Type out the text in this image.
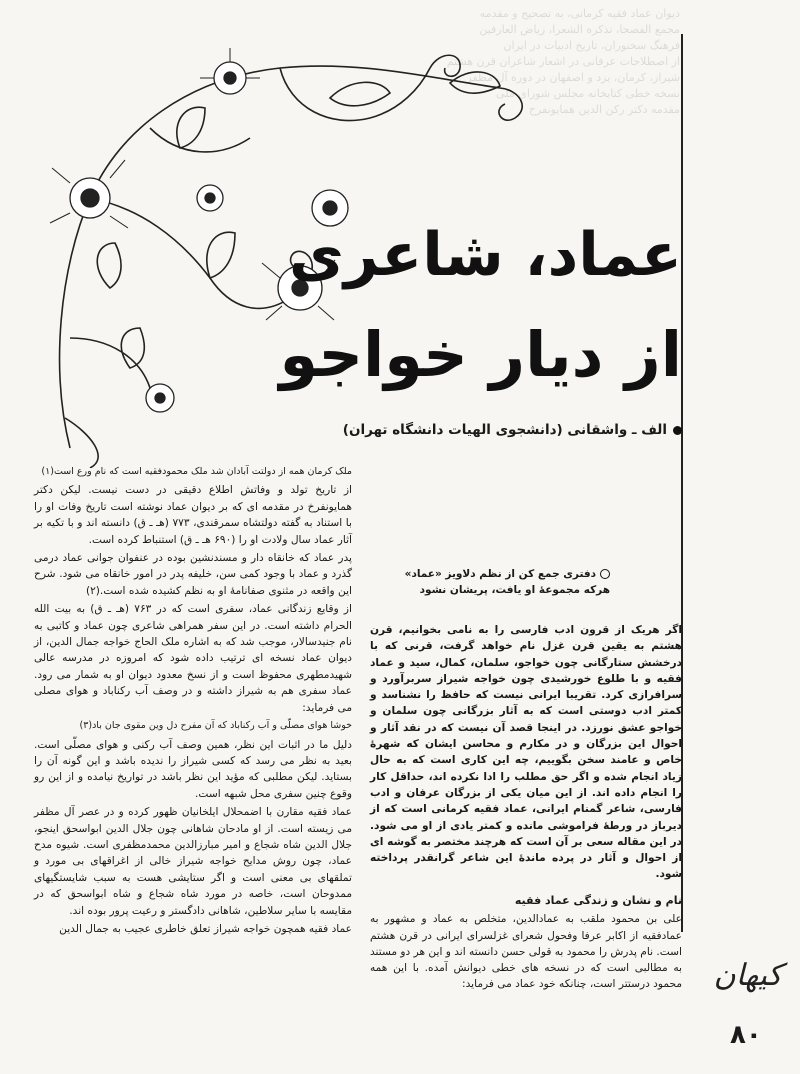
دیوان عماد فقیه کرمانی، به تصحیح و مقدمه

مجمع الفصحا، تذکره الشعرا، ریاض العارفین

فرهنگ سخنوران، تاریخ ادبیات در ایران

از اصطلاحات عرفانی در اشعار شاعران قرن هشتم

شیراز، کرمان، یزد و اصفهان در دوره آل مظفر

نسخه خطی کتابخانه مجلس شورای ملی

مقدمه دکتر رکن الدین همایونفرخ

عماد، شاعری
از دیار خواجو
الف ـ واشقانی (دانشجوی الهیات دانشگاه تهران)

ملک کرمان همه از دولتت آبادان شد ملک محمودفقیه است که نام ورع است(۱)

از تاریخ تولد و وفاتش اطلاع دقیقی در دست نیست. لیکن دکتر همایونفرخ در مقدمه ای که بر دیوان عماد نوشته است تاریخ وفات او را با استناد به گفته دولتشاه سمرقندی، ۷۷۳ (هـ ـ ق) دانسته اند و با تکیه بر آثار عماد سال ولادت او را (۶۹۰ هـ ـ ق) استنباط کرده است.

پدر عماد که خانقاه دار و مسندنشین بوده در عنفوان جوانی عماد درمی گذرد و عماد با وجود کمی سن، خلیفه پدر در امور خانقاه می شود. شرح این واقعه در مثنوی صفانامهٔ او به نظم کشیده شده است.(۲)

از وقایع زندگانی عماد، سفری است که در ۷۶۳ (هـ ـ ق) به بیت الله الحرام داشته است. در این سفر همراهی شاعری چون عماد و کاتبی به نام جنیدسالار، موجب شد که به اشاره ملک الحاج خواجه جمال الدین، از دیوان عماد نسخه ای ترتیب داده شود که امروزه در مدرسه عالی شهیدمطهری محفوظ است و از نسخ معدود دیوان او به شمار می رود. عماد سفری هم به شیراز داشته و در وصف آب رکناباد و هوای مصلی می فرماید:

خوشا هوای مصلّی و آب رکناباد که آن مفرح دل وین مقوی جان باد(۳)

دلیل ما در اثبات این نظر، همین وصف آب رکنی و هوای مصلّی است. بعید به نظر می رسد که کسی شیراز را ندیده باشد و این گونه آن را بستاید. لیکن مطلبی که مؤید این نظر باشد در تواریخ نیامده و از این رو وقوع چنین سفری محل شبهه است.

عماد فقیه مقارن با اضمحلال ایلخانیان ظهور کرده و در عصر آل مظفر می زیسته است. از او مادحان شاهانی چون جلال الدین ابواسحق اینجو، جلال الدین شاه شجاع و امیر مبارزالدین محمدمظفری است. شیوه مدح عماد، چون روش مدایح خواجه شیراز خالی از اغراقهای بی مورد و تملقهای بی معنی است و اگر ستایشی هست به سبب شایستگیهای ممدوحان است، خاصه در مورد شاه شجاع و شاه ابواسحق که در مقایسه با سایر سلاطین، شاهانی دادگستر و رعیت پرور بوده اند.

عماد فقیه همچون خواجه شیراز تعلق خاطری عجیب به جمال الدین

دفتری جمع کن از نظم دلاویز «عماد»
هرکه مجموعهٔ او یافت، پریشان نشود

اگر هریک از قرون ادب فارسی را به نامی بخوانیم، قرن هشتم به یقین قرن غزل نام خواهد گرفت، قرنی که با درخشش ستارگانی چون خواجو، سلمان، کمال، سید و عماد فقیه و با طلوع خورشیدی چون خواجه شیراز سربرآورد و سرافرازی کرد. تقریبا ایرانی نیست که حافظ را نشناسد و کمتر ادب دوستی است که به آثار بزرگانی چون سلمان و خواجو عشق نورزد. در اینجا قصد آن نیست که در نقد آثار و احوال این بزرگان و در مکارم و محاسن ایشان که شهرهٔ خاص و عامند سخن بگوییم، چه این کاری است که به حال زیاد انجام شده و اگر حق مطلب را ادا نکرده اند، حداقل کار را انجام داده اند. از این میان یکی از بزرگان عرفان و ادب فارسی، شاعر گمنام ایرانی، عماد فقیه کرمانی است که از دیرباز در ورطهٔ فراموشی مانده و کمتر یادی از او می شود. در این مقاله سعی بر آن است که هرچند مختصر به گوشه ای از احوال و آثار در پرده ماندهٔ این شاعر گرانقدر پرداخته شود.

نام و نشان و زندگی عماد فقیه

علی بن محمود ملقب به عمادالدین، متخلص به عماد و مشهور به عمادفقیه از اکابر عرفا وفحول شعرای غزلسرای ایرانی در قرن هشتم است. نام پدرش را محمود به قولی حسن دانسته اند و این هر دو مستند به مطالبی است که در نسخه های خطی دیوانش آمده. با این همه محمود درستتر است، چنانکه خود عماد می فرماید: کیهان
۸۰
